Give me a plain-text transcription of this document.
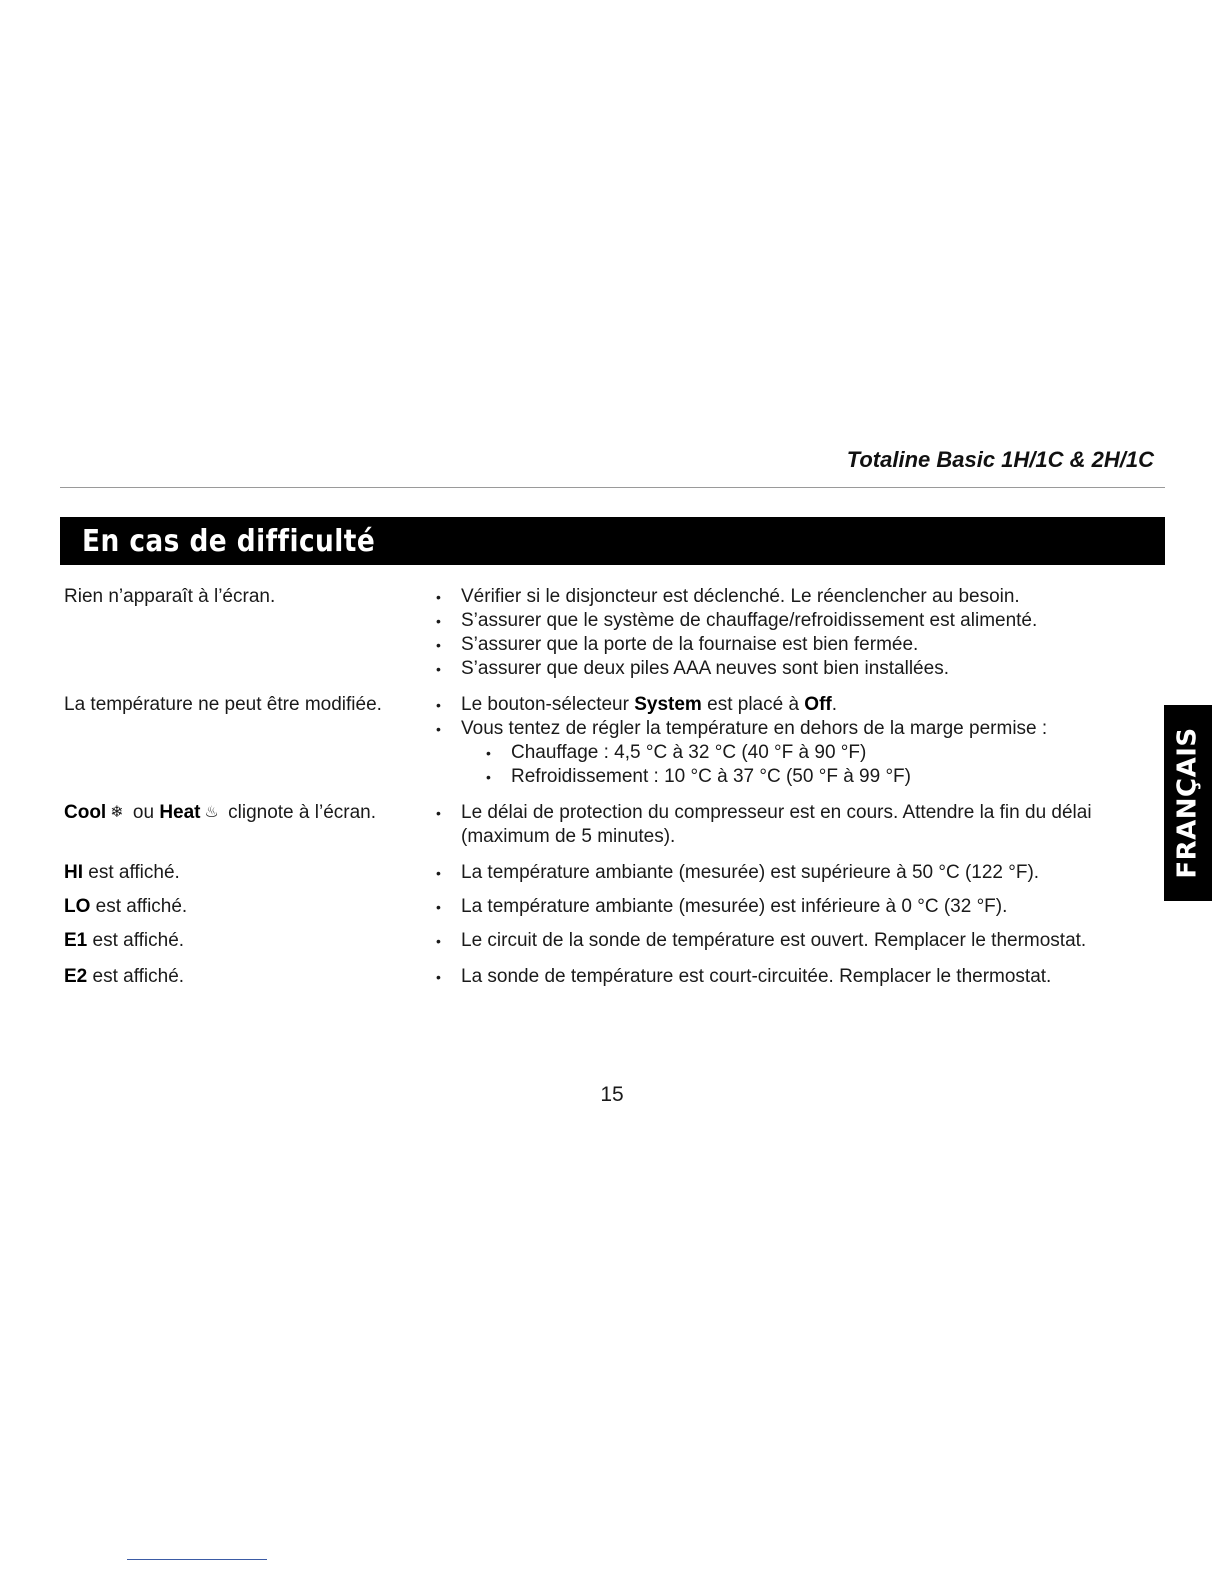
Totaline Basic 1H/1C & 2H/1C
En cas de difficulté
Rien n’apparaît à l’écran.	• Vérifier si le disjoncteur est déclenché. Le réenclencher au besoin.
• S’assurer que le système de chauffage/refroidissement est alimenté.
• S’assurer que la porte de la fournaise est bien fermée.
• S’assurer que deux piles AAA neuves sont bien installées.
La température ne peut être modifiée.	• Le bouton-sélecteur System est placé à Off.
• Vous tentez de régler la température en dehors de la marge permise :
• Chauffage : 4,5 °C à 32 °C (40 °F à 90 °F)
• Refroidissement : 10 °C à 37 °C (50 °F à 99 °F)
Cool ❄ ou Heat ♨ clignote à l’écran.	• Le délai de protection du compresseur est en cours. Attendre la fin du délai (maximum de 5 minutes).
HI est affiché.	• La température ambiante (mesurée) est supérieure à 50 °C (122 °F).
LO est affiché.	• La température ambiante (mesurée) est inférieure à 0 °C (32 °F).
E1 est affiché.	• Le circuit de la sonde de température est ouvert. Remplacer le thermostat.
E2 est affiché.	• La sonde de température est court-circuitée. Remplacer le thermostat.
15
FRANÇAIS
